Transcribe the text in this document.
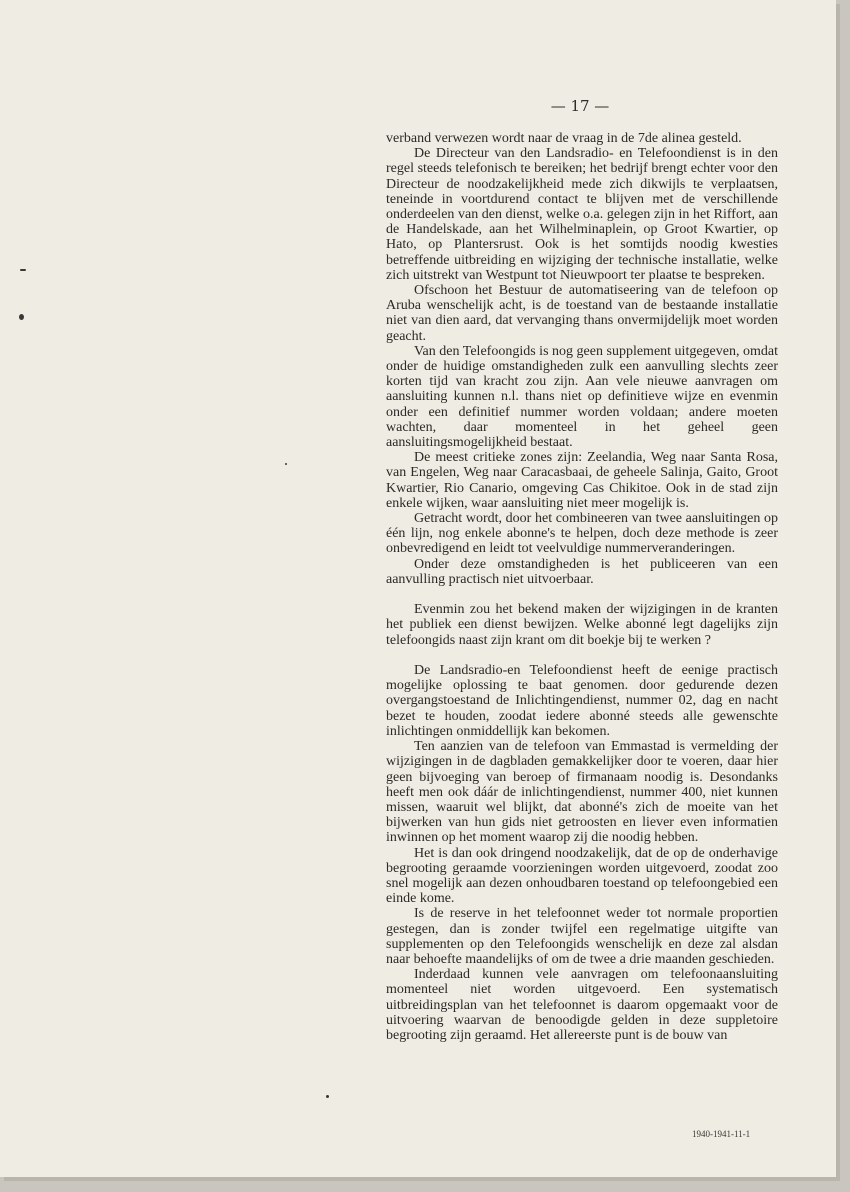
— 17 —

verband verwezen wordt naar de vraag in de 7de alinea gesteld.

De Directeur van den Landsradio- en Telefoondienst is in den regel steeds telefonisch te bereiken; het bedrijf brengt echter voor den Directeur de noodzakelijkheid mede zich dikwijls te verplaatsen, teneinde in voortdurend contact te blijven met de verschillende onderdeelen van den dienst, welke o.a. gelegen zijn in het Riffort, aan de Handelskade, aan het Wilhelminaplein, op Groot Kwartier, op Hato, op Plantersrust. Ook is het somtijds noodig kwesties betreffende uitbreiding en wijziging der technische installatie, welke zich uitstrekt van Westpunt tot Nieuwpoort ter plaatse te bespreken.

Ofschoon het Bestuur de automatiseering van de telefoon op Aruba wenschelijk acht, is de toestand van de bestaande installatie niet van dien aard, dat vervanging thans onvermijdelijk moet worden geacht.

Van den Telefoongids is nog geen supplement uitgegeven, omdat onder de huidige omstandigheden zulk een aanvulling slechts zeer korten tijd van kracht zou zijn. Aan vele nieuwe aanvragen om aansluiting kunnen n.l. thans niet op definitieve wijze en evenmin onder een definitief nummer worden voldaan; andere moeten wachten, daar momenteel in het geheel geen aansluitingsmogelijkheid bestaat.

De meest critieke zones zijn: Zeelandia, Weg naar Santa Rosa, van Engelen, Weg naar Caracasbaai, de geheele Salinja, Gaito, Groot Kwartier, Rio Canario, omgeving Cas Chikitoe. Ook in de stad zijn enkele wijken, waar aansluiting niet meer mogelijk is.

Getracht wordt, door het combineeren van twee aansluitingen op één lijn, nog enkele abonne's te helpen, doch deze methode is zeer onbevredigend en leidt tot veelvuldige nummerveranderingen.

Onder deze omstandigheden is het publiceeren van een aanvulling practisch niet uitvoerbaar.

Evenmin zou het bekend maken der wijzigingen in de kranten het publiek een dienst bewijzen. Welke abonné legt dagelijks zijn telefoongids naast zijn krant om dit boekje bij te werken ?

De Landsradio-en Telefoondienst heeft de eenige practisch mogelijke oplossing te baat genomen. door gedurende dezen overgangstoestand de Inlichtingendienst, nummer 02, dag en nacht bezet te houden, zoodat iedere abonné steeds alle gewenschte inlichtingen onmiddellijk kan bekomen.

Ten aanzien van de telefoon van Emmastad is vermelding der wijzigingen in de dagbladen gemakkelijker door te voeren, daar hier geen bijvoeging van beroep of firmanaam noodig is. Desondanks heeft men ook dáár de inlichtingendienst, nummer 400, niet kunnen missen, waaruit wel blijkt, dat abonné's zich de moeite van het bijwerken van hun gids niet getroosten en liever even informatien inwinnen op het moment waarop zij die noodig hebben.

Het is dan ook dringend noodzakelijk, dat de op de onderhavige begrooting geraamde voorzieningen worden uitgevoerd, zoodat zoo snel mogelijk aan dezen onhoudbaren toestand op telefoongebied een einde kome.

Is de reserve in het telefoonnet weder tot normale proportien gestegen, dan is zonder twijfel een regelmatige uitgifte van supplementen op den Telefoongids wenschelijk en deze zal alsdan naar behoefte maandelijks of om de twee a drie maanden geschieden.

Inderdaad kunnen vele aanvragen om telefoonaansluiting momenteel niet worden uitgevoerd. Een systematisch uitbreidingsplan van het telefoonnet is daarom opgemaakt voor de uitvoering waarvan de benoodigde gelden in deze suppletoire begrooting zijn geraamd. Het allereerste punt is de bouw van

1940-1941-11-1
